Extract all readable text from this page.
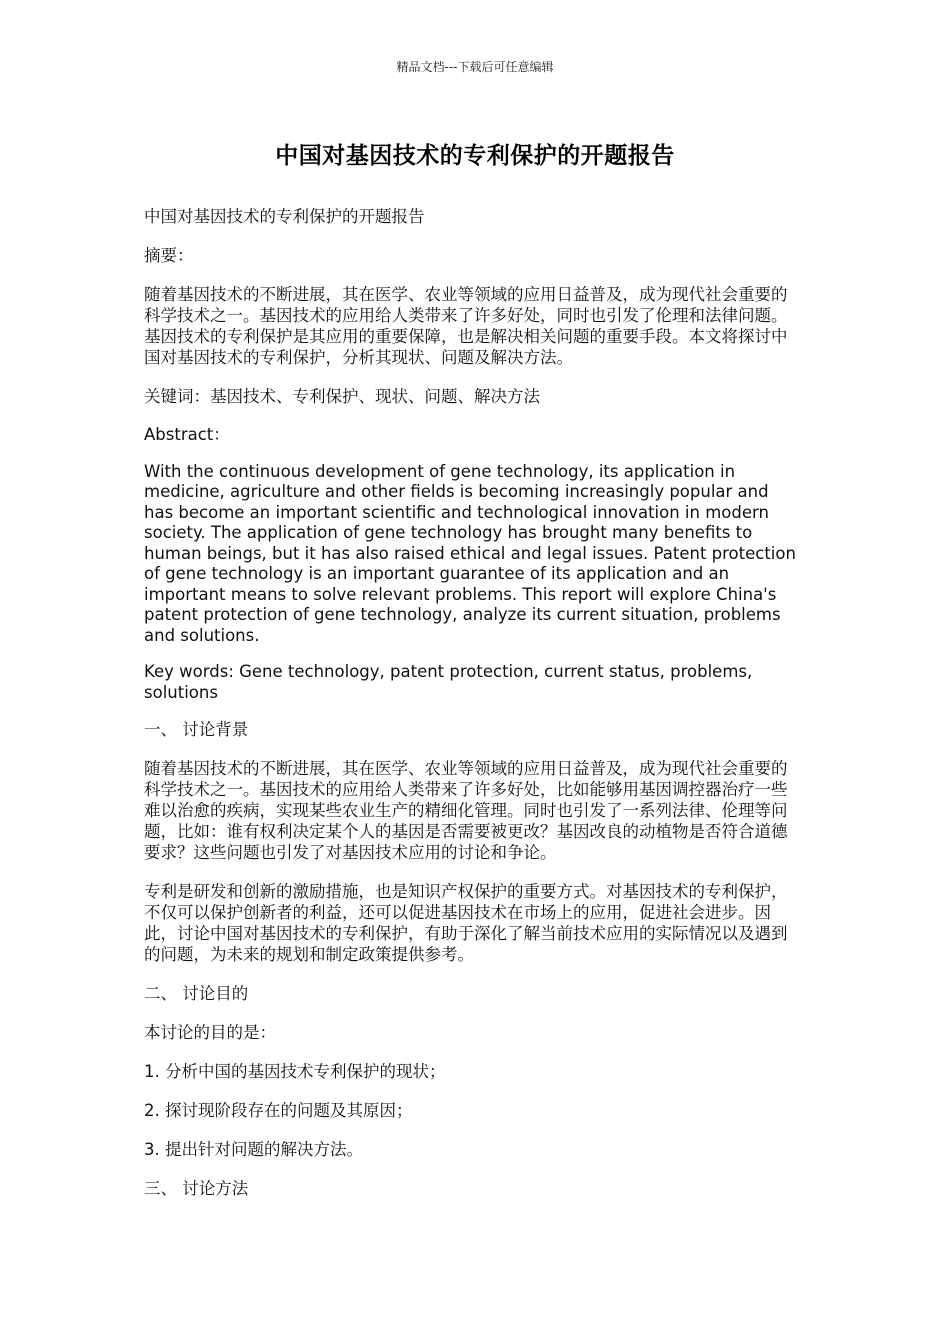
精品文档---下载后可任意编辑
中国对基因技术的专利保护的开题报告

中国对基因技术的专利保护的开题报告

摘要：

随着基因技术的不断进展，其在医学、农业等领域的应用日益普及，成为现代社会重要的科学技术之一。基因技术的应用给人类带来了许多好处，同时也引发了伦理和法律问题。基因技术的专利保护是其应用的重要保障，也是解决相关问题的重要手段。本文将探讨中国对基因技术的专利保护，分析其现状、问题及解决方法。

关键词：基因技术、专利保护、现状、问题、解决方法

Abstract：

With the continuous development of gene technology, its application in medicine, agriculture and other fields is becoming increasingly popular and has become an important scientific and technological innovation in modern society. The application of gene technology has brought many benefits to human beings, but it has also raised ethical and legal issues. Patent protection of gene technology is an important guarantee of its application and an important means to solve relevant problems. This report will explore China's patent protection of gene technology, analyze its current situation, problems and solutions.

Key words: Gene technology, patent protection, current status, problems, solutions

一、 讨论背景

随着基因技术的不断进展，其在医学、农业等领域的应用日益普及，成为现代社会重要的科学技术之一。基因技术的应用给人类带来了许多好处，比如能够用基因调控器治疗一些难以治愈的疾病，实现某些农业生产的精细化管理。同时也引发了一系列法律、伦理等问题，比如：谁有权利决定某个人的基因是否需要被更改？基因改良的动植物是否符合道德要求？这些问题也引发了对基因技术应用的讨论和争论。

专利是研发和创新的激励措施，也是知识产权保护的重要方式。对基因技术的专利保护，不仅可以保护创新者的利益，还可以促进基因技术在市场上的应用，促进社会进步。因此，讨论中国对基因技术的专利保护，有助于深化了解当前技术应用的实际情况以及遇到的问题，为未来的规划和制定政策提供参考。

二、 讨论目的

本讨论的目的是：

1. 分析中国的基因技术专利保护的现状；

2. 探讨现阶段存在的问题及其原因；

3. 提出针对问题的解决方法。

三、 讨论方法
